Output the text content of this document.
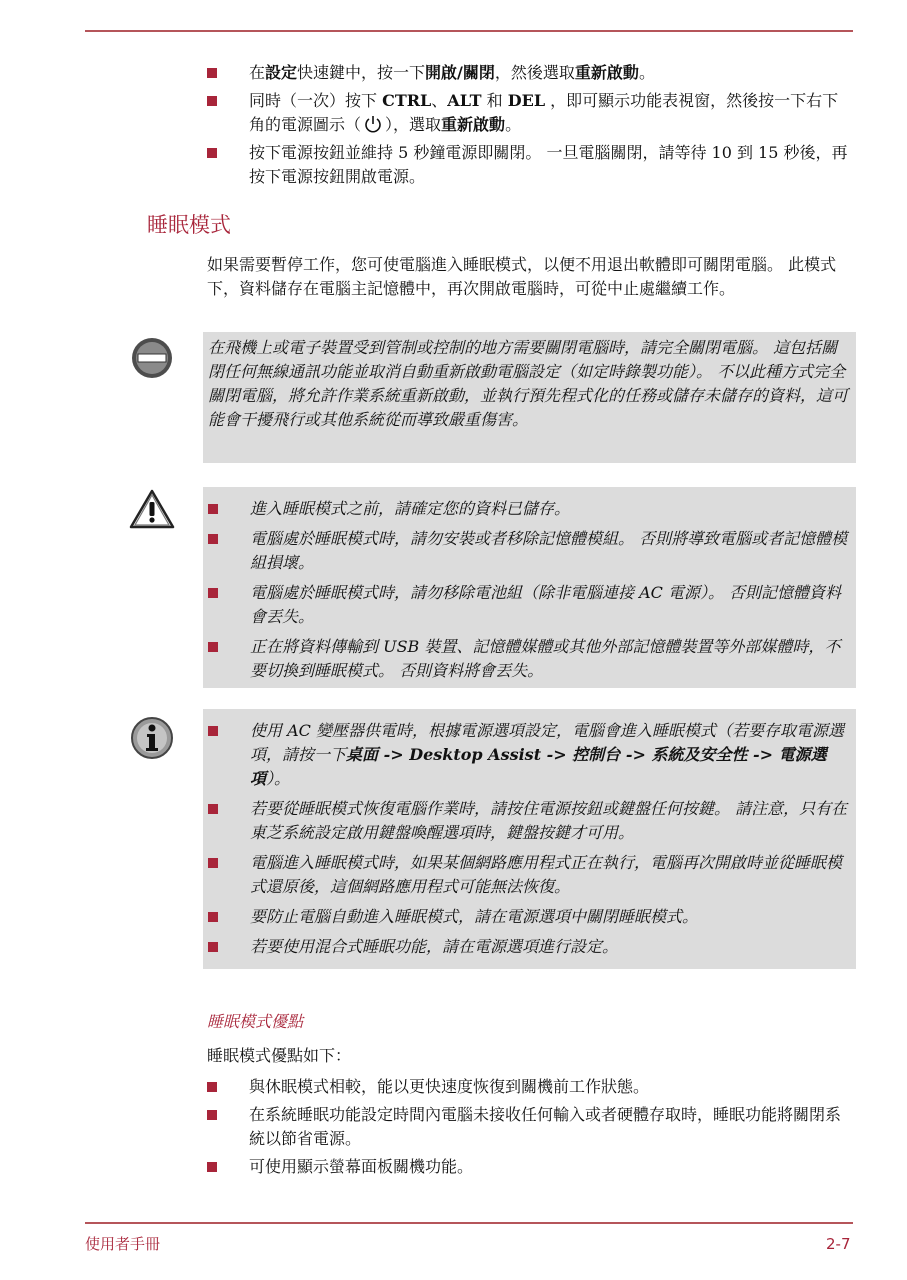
在設定快速鍵中，按一下開啟/關閉，然後選取重新啟動。
同時（一次）按下 CTRL、ALT 和 DEL ，即可顯示功能表視窗，然後按一下右下角的電源圖示（ ），選取重新啟動。
按下電源按鈕並維持 5 秒鐘電源即關閉。 一旦電腦關閉，請等待 10 到 15 秒後，再按下電源按鈕開啟電源。
睡眠模式

如果需要暫停工作，您可使電腦進入睡眠模式，以便不用退出軟體即可關閉電腦。 此模式下，資料儲存在電腦主記憶體中，再次開啟電腦時，可從中止處繼續工作。

在飛機上或電子裝置受到管制或控制的地方需要關閉電腦時，請完全關閉電腦。 這包括關閉任何無線通訊功能並取消自動重新啟動電腦設定（如定時錄製功能）。 不以此種方式完全關閉電腦，將允許作業系統重新啟動，並執行預先程式化的任務或儲存未儲存的資料，這可能會干擾飛行或其他系統從而導致嚴重傷害。

進入睡眠模式之前，請確定您的資料已儲存。
電腦處於睡眠模式時，請勿安裝或者移除記憶體模組。 否則將導致電腦或者記憶體模組損壞。
電腦處於睡眠模式時，請勿移除電池組（除非電腦連接 AC 電源）。 否則記憶體資料會丟失。
正在將資料傳輸到 USB 裝置、記憶體媒體或其他外部記憶體裝置等外部媒體時，不要切換到睡眠模式。 否則資料將會丟失。
使用 AC 變壓器供電時，根據電源選項設定，電腦會進入睡眠模式（若要存取電源選項，請按一下桌面 -> Desktop Assist -> 控制台 -> 系統及安全性 -> 電源選項）。
若要從睡眠模式恢復電腦作業時，請按住電源按鈕或鍵盤任何按鍵。 請注意，只有在東芝系統設定啟用鍵盤喚醒選項時，鍵盤按鍵才可用。
電腦進入睡眠模式時，如果某個網路應用程式正在執行，電腦再次開啟時並從睡眠模式還原後，這個網路應用程式可能無法恢復。
要防止電腦自動進入睡眠模式，請在電源選項中關閉睡眠模式。
若要使用混合式睡眠功能，請在電源選項進行設定。
睡眠模式優點

睡眠模式優點如下：

與休眠模式相較，能以更快速度恢復到關機前工作狀態。
在系統睡眠功能設定時間內電腦未接收任何輸入或者硬體存取時，睡眠功能將關閉系統以節省電源。
可使用顯示螢幕面板關機功能。
使用者手冊	2-7
